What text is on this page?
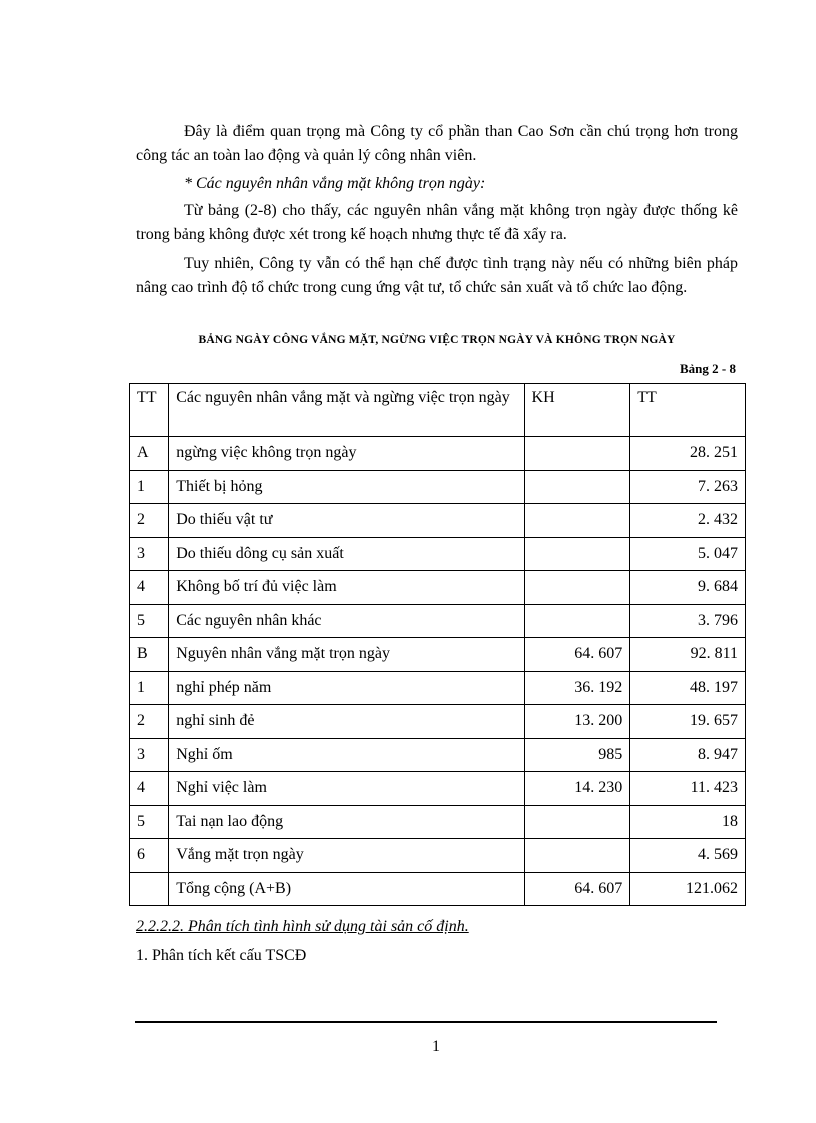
Đây là điểm quan trọng mà Công ty cổ phần than Cao Sơn cần chú trọng hơn trong công tác an toàn lao động và quản lý công nhân viên.

* Các nguyên nhân vắng mặt không trọn ngày:

Từ bảng (2-8) cho thấy, các nguyên nhân vắng mặt không trọn ngày được thống kê trong bảng không được xét trong kế hoạch nhưng thực tế đã xẩy ra.

Tuy nhiên, Công ty vẫn có thể hạn chế được tình trạng này nếu có những biên pháp nâng cao trình độ tổ chức trong cung ứng vật tư, tổ chức sản xuất và tổ chức lao động.

BẢNG NGÀY CÔNG VẮNG MẶT, NGỪNG VIỆC TRỌN NGÀY VÀ KHÔNG TRỌN NGÀY
Bảng 2 - 8
TT	Các nguyên nhân vắng mặt và ngừng việc trọn ngày	KH	TT
A	ngừng việc không trọn ngày		28. 251
1	Thiết bị hỏng		7. 263
2	Do thiếu vật tư		2. 432
3	Do thiếu dông cụ sản xuất		5. 047
4	Không bố trí đủ việc làm		9. 684
5	Các nguyên nhân khác		3. 796
B	Nguyên nhân vắng mặt trọn ngày	64. 607	92. 811
1	nghỉ phép năm	36. 192	48. 197
2	nghỉ sinh đẻ	13. 200	19. 657
3	Nghỉ ốm	985	8. 947
4	Nghỉ việc làm	14. 230	11. 423
5	Tai nạn lao động		18
6	Vắng mặt trọn ngày		4. 569
	Tổng cộng (A+B)	64. 607	121.062
2.2.2.2. Phân tích tình hình sử dụng tài sản cố định.
1. Phân tích kết cấu TSCĐ
1
